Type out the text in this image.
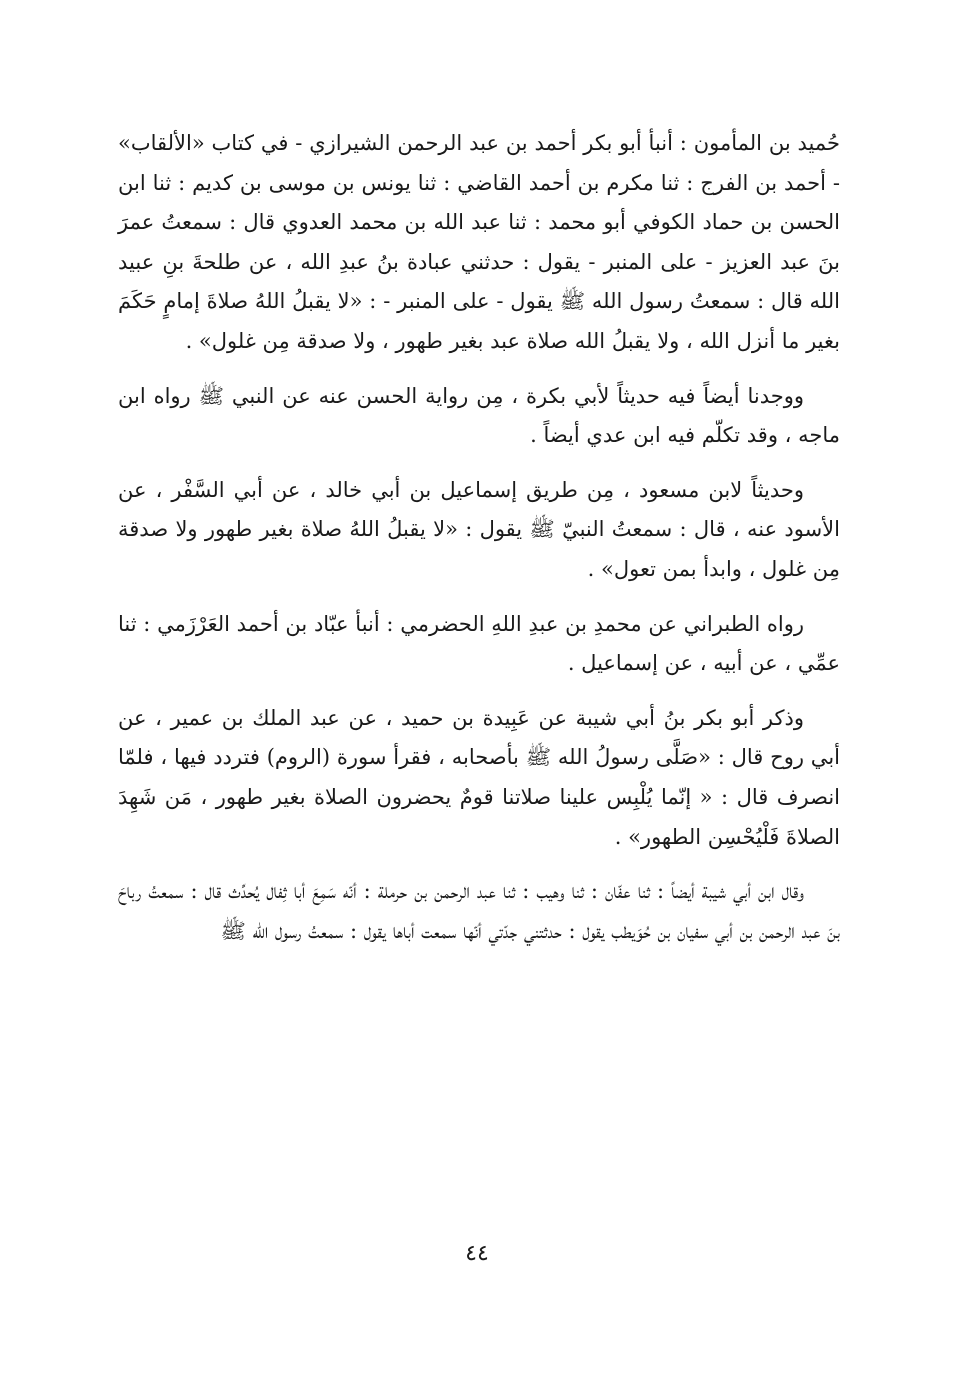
حُميد بن المأمون : أنبأ أبو بكر أحمد بن عبد الرحمن الشيرازي - في كتاب «الألقاب» - أحمد بن الفرج : ثنا مكرم بن أحمد القاضي : ثنا يونس بن موسى بن كديم : ثنا ابن الحسن بن حماد الكوفي أبو محمد : ثنا عبد الله بن محمد العدوي قال : سمعتُ عمرَ بنَ عبد العزيز - على المنبر - يقول : حدثني عبادة بنُ عبدِ الله ، عن طلحةَ بنِ عبيد الله قال : سمعتُ رسول الله ﷺ يقول - على المنبر - : «لا يقبلُ اللهُ صلاةَ إمامٍ حَكَمَ بغير ما أنزل الله ، ولا يقبلُ الله صلاة عبد بغير طهور ، ولا صدقة مِن غلول» .

ووجدنا أيضاً فيه حديثاً لأبي بكرة ، مِن رواية الحسن عنه عن النبي ﷺ رواه ابن ماجه ، وقد تكلّم فيه ابن عدي أيضاً .

وحديثاً لابن مسعود ، مِن طريق إسماعيل بن أبي خالد ، عن أبي السَّفْر ، عن الأسود عنه ، قال : سمعتُ النبيّ ﷺ يقول : «لا يقبلُ اللهُ صلاة بغير طهور ولا صدقة مِن غلول ، وابدأ بمن تعول» .

رواه الطبراني عن محمدِ بن عبدِ اللهِ الحضرمي : أنبأ عبّاد بن أحمد العَرْزَمي : ثنا عمِّي ، عن أبيه ، عن إسماعيل .

وذكر أبو بكر بنُ أبي شيبة عن عَبِيدة بن حميد ، عن عبد الملك بن عمير ، عن أبي روح قال : «صَلَّى رسولُ الله ﷺ بأصحابه ، فقرأ سورة (الروم) فتردد فيها ، فلمّا انصرف قال : « إنّما يُلْبِس علينا صلاتنا قومٌ يحضرون الصلاة بغير طهور ، مَن شَهِدَ الصلاةَ فَلْيُحْسِن الطهور» .

وقال ابن أبي شيبة أيضاً : ثنا عفّان : ثنا وهيب : ثنا عبد الرحمن بن حرملة : أنّه سَمِعَ أبا ثِفال يُحدِّث قال : سمعتُ رباحَ بنَ عبد الرحمن بن أبي سفيان بن حُوَيطب يقول : حدثتني جدّتي أنّها سمعت أباها يقول : سمعتُ رسول الله ﷺ

٤٤
